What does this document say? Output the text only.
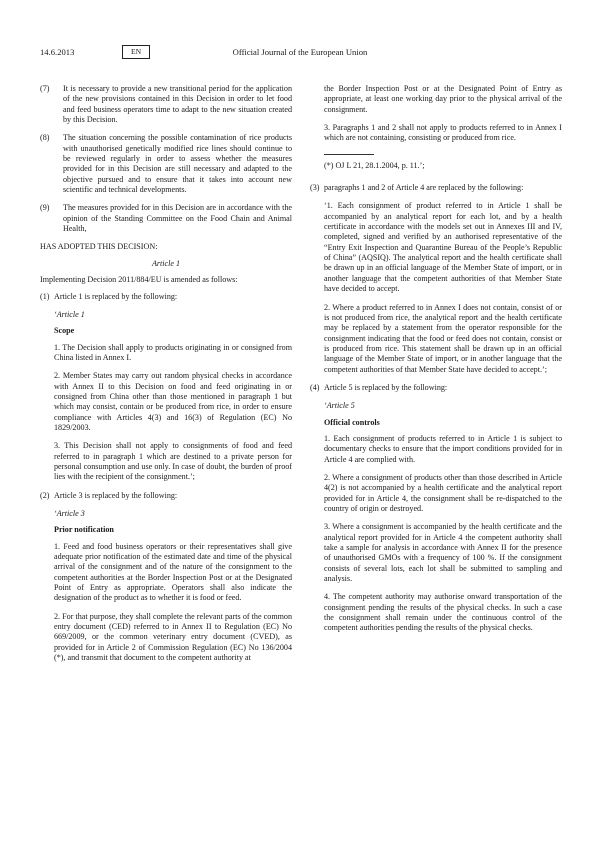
14.6.2013	EN	Official Journal of the European Union
(7)	It is necessary to provide a new transitional period for the application of the new provisions contained in this Decision in order to let food and feed business operators time to adapt to the new situation created by this Decision.
(8)	The situation concerning the possible contamination of rice products with unauthorised genetically modified rice lines should continue to be reviewed regularly in order to assess whether the measures provided for in this Decision are still necessary and adapted to the objective pursued and to ensure that it takes into account new scientific and technical developments.
(9)	The measures provided for in this Decision are in accordance with the opinion of the Standing Committee on the Food Chain and Animal Health,

HAS ADOPTED THIS DECISION:

Article 1

Implementing Decision 2011/884/EU is amended as follows:

(1) Article 1 is replaced by the following:

‘Article 1

Scope

1. The Decision shall apply to products originating in or consigned from China listed in Annex I.

2. Member States may carry out random physical checks in accordance with Annex II to this Decision on food and feed originating in or consigned from China other than those mentioned in paragraph 1 but which may consist, contain or be produced from rice, in order to ensure compliance with Articles 4(3) and 16(3) of Regulation (EC) No 1829/2003.

3. This Decision shall not apply to consignments of food and feed referred to in paragraph 1 which are destined to a private person for personal consumption and use only. In case of doubt, the burden of proof lies with the recipient of the consignment.’;

(2) Article 3 is replaced by the following:

‘Article 3

Prior notification

1. Feed and food business operators or their representatives shall give adequate prior notification of the estimated date and time of the physical arrival of the consignment and of the nature of the consignment to the competent authorities at the Border Inspection Post or at the Designated Point of Entry as appropriate. Operators shall also indicate the designation of the product as to whether it is food or feed.

2. For that purpose, they shall complete the relevant parts of the common entry document (CED) referred to in Annex II to Regulation (EC) No 669/2009, or the common veterinary entry document (CVED), as provided for in Article 2 of Commission Regulation (EC) No 136/2004 (*), and transmit that document to the competent authority at

the Border Inspection Post or at the Designated Point of Entry as appropriate, at least one working day prior to the physical arrival of the consignment.

3. Paragraphs 1 and 2 shall not apply to products referred to in Annex I which are not containing, consisting or produced from rice.

(*) OJ L 21, 28.1.2004, p. 11.’;

(3) paragraphs 1 and 2 of Article 4 are replaced by the following:

‘1. Each consignment of product referred to in Article 1 shall be accompanied by an analytical report for each lot, and by a health certificate in accordance with the models set out in Annexes III and IV, completed, signed and verified by an authorised representative of the “Entry Exit Inspection and Quarantine Bureau of the People’s Republic of China” (AQSIQ). The analytical report and the health certificate shall be drawn up in an official language of the Member State of import, or in another language that the competent authorities of that Member State have decided to accept.

2. Where a product referred to in Annex I does not contain, consist of or is not produced from rice, the analytical report and the health certificate may be replaced by a statement from the operator responsible for the consignment indicating that the food or feed does not contain, consist or is produced from rice. This statement shall be drawn up in an official language of the Member State of import, or in another language that the competent authorities of that Member State have decided to accept.’;

(4) Article 5 is replaced by the following:

‘Article 5

Official controls

1. Each consignment of products referred to in Article 1 is subject to documentary checks to ensure that the import conditions provided for in Article 4 are complied with.

2. Where a consignment of products other than those described in Article 4(2) is not accompanied by a health certificate and the analytical report provided for in Article 4, the consignment shall be re-dispatched to the country of origin or destroyed.

3. Where a consignment is accompanied by the health certificate and the analytical report provided for in Article 4 the competent authority shall take a sample for analysis in accordance with Annex II for the presence of unauthorised GMOs with a frequency of 100 %. If the consignment consists of several lots, each lot shall be submitted to sampling and analysis.

4. The competent authority may authorise onward transportation of the consignment pending the results of the physical checks. In such a case the consignment shall remain under the continuous control of the competent authorities pending the results of the physical checks.
